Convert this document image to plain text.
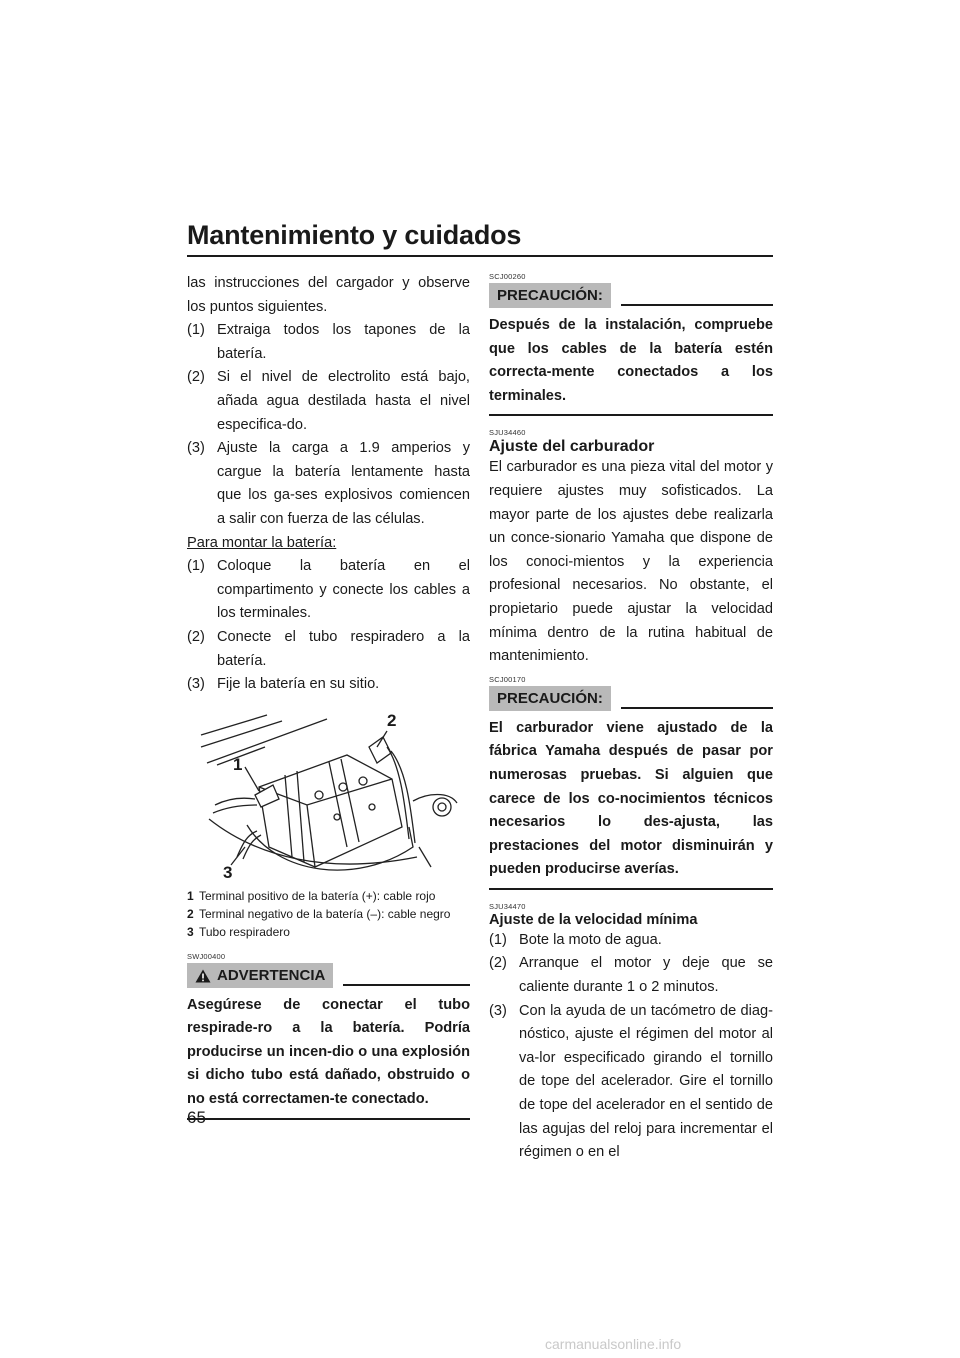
Mantenimiento y cuidados

las instrucciones del cargador y observe los puntos siguientes.

(1) Extraiga todos los tapones de la batería.
(2) Si el nivel de electrolito está bajo, añada agua destilada hasta el nivel especifica-do.
(3) Ajuste la carga a 1.9 amperios y cargue la batería lentamente hasta que los ga-ses explosivos comiencen a salir con fuerza de las células.
Para montar la batería:
(1) Coloque la batería en el compartimento y conecte los cables a los terminales.
(2) Conecte el tubo respiradero a la batería.
(3) Fije la batería en su sitio.
1
2
3
1 Terminal positivo de la batería (+): cable rojo
2 Terminal negativo de la batería (–): cable negro
3 Tubo respiradero
SWJ00400
ADVERTENCIA
Asegúrese de conectar el tubo respirade-ro a la batería. Podría producirse un incen-dio o una explosión si dicho tubo está dañado, obstruido o no está correctamen-te conectado.
SCJ00260
PRECAUCIÓN:
Después de la instalación, compruebe que los cables de la batería estén correcta-mente conectados a los terminales.
SJU34460
Ajuste del carburador

El carburador es una pieza vital del motor y requiere ajustes muy sofisticados. La mayor parte de los ajustes debe realizarla un conce-sionario Yamaha que dispone de los conoci-mientos y la experiencia profesional necesarios. No obstante, el propietario puede ajustar la velocidad mínima dentro de la rutina habitual de mantenimiento.

SCJ00170
PRECAUCIÓN:
El carburador viene ajustado de la fábrica Yamaha después de pasar por numerosas pruebas. Si alguien que carece de los co-nocimientos técnicos necesarios lo des-ajusta, las prestaciones del motor disminuirán y pueden producirse averías.
SJU34470
Ajuste de la velocidad mínima
(1) Bote la moto de agua.
(2) Arranque el motor y deje que se caliente durante 1 o 2 minutos.
(3) Con la ayuda de un tacómetro de diag-nóstico, ajuste el régimen del motor al va-lor especificado girando el tornillo de tope del acelerador. Gire el tornillo de tope del acelerador en el sentido de las agujas del reloj para incrementar el régimen o en el
65
carmanualsonline.info
